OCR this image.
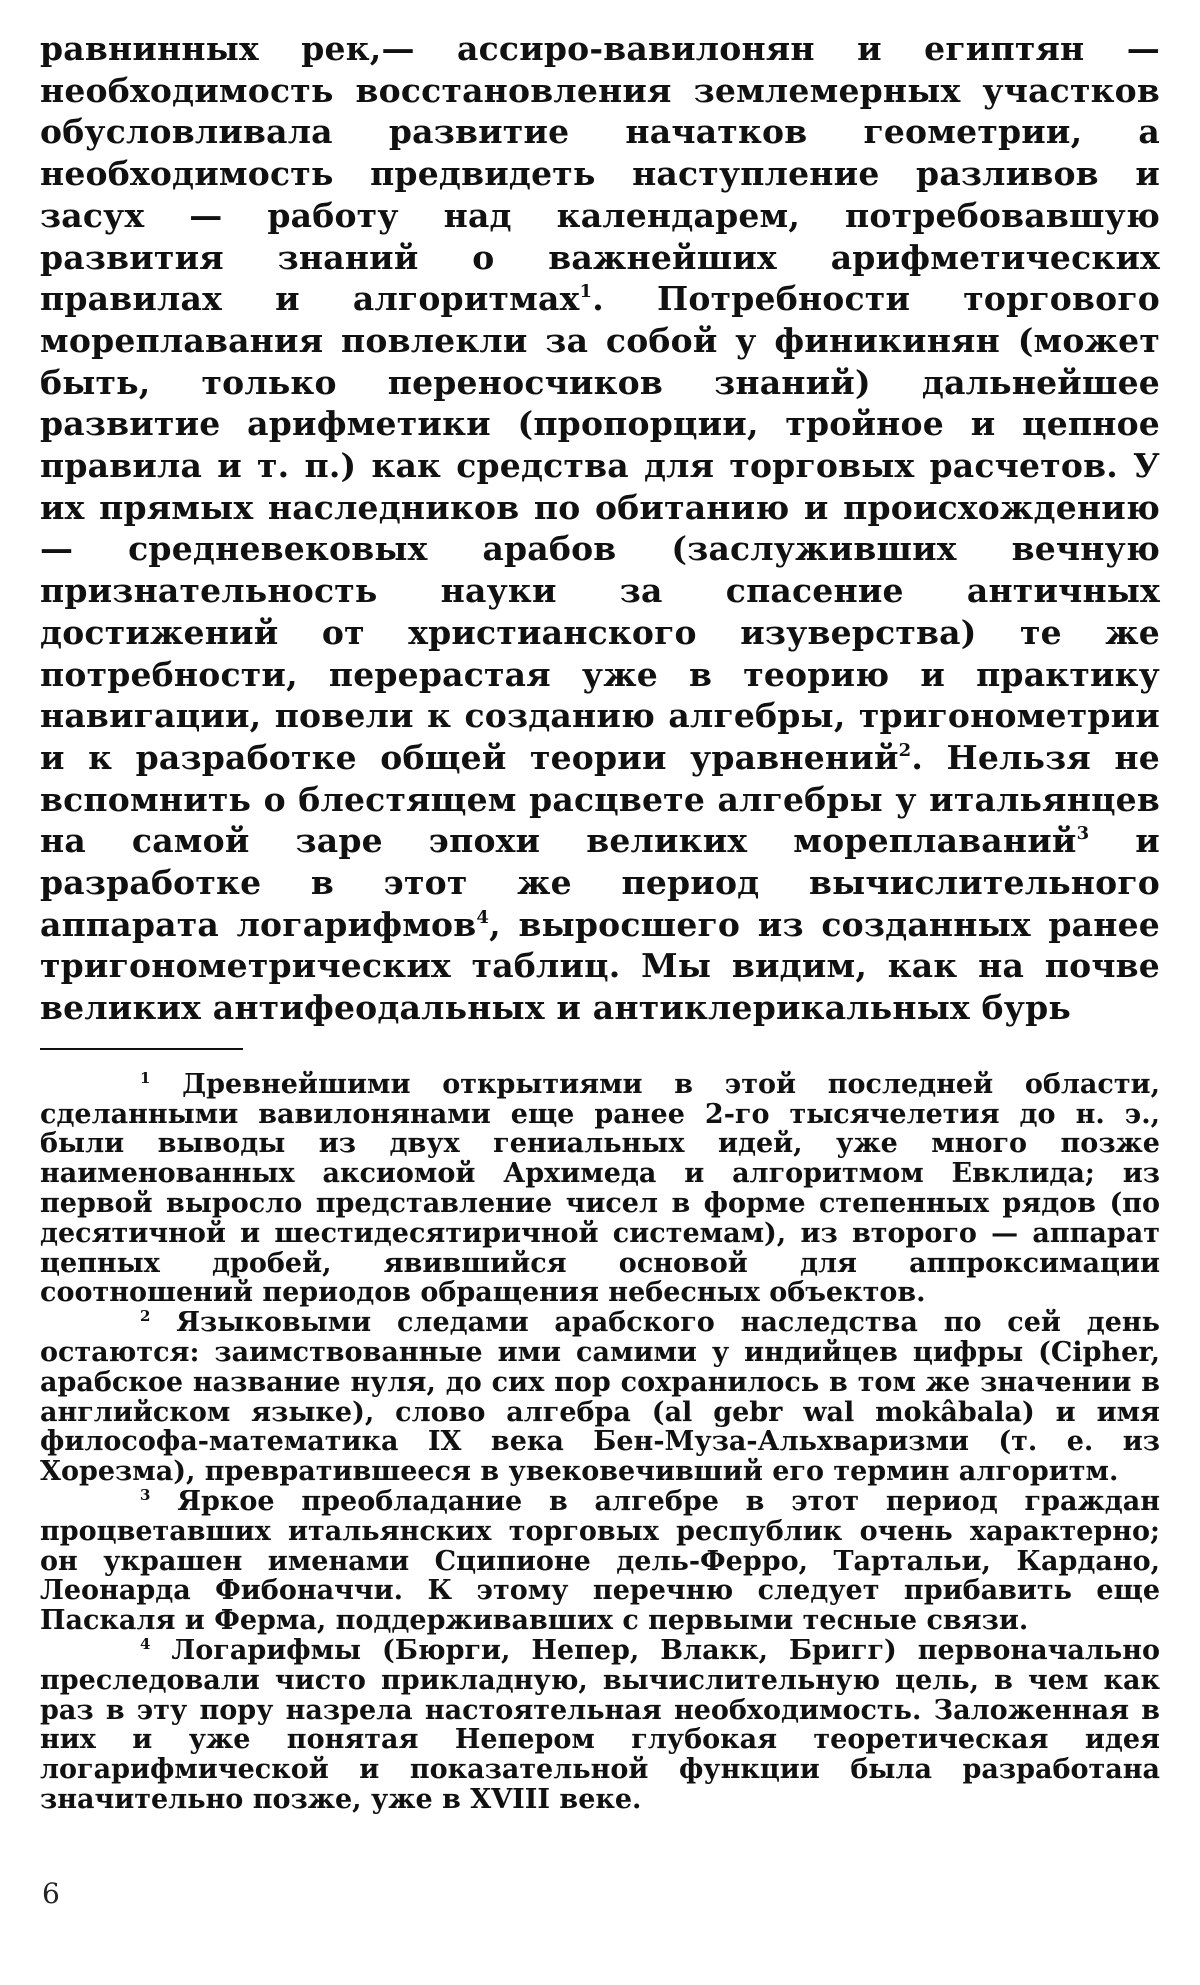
равнинных рек,— ассиро-вавилонян и египтян — необходимость восстановления землемерных участков обусловливала развитие начатков геометрии, а необходимость предвидеть наступление разливов и засух — работу над календарем, потребовавшую развития знаний о важнейших арифметических правилах и алгоритмах$^1$. Потребности торгового мореплавания повлекли за собой у финикинян (может быть, только переносчиков знаний) дальнейшее развитие арифметики (пропорции, тройное и цепное правила и т. п.) как средства для торговых расчетов. У их прямых наследников по обитанию и происхождению — средневековых арабов (заслуживших вечную признательность науки за спасение античных достижений от христианского изуверства) те же потребности, перерастая уже в теорию и практику навигации, повели к созданию алгебры, тригонометрии и к разработке общей теории уравнений$^2$. Нельзя не вспомнить о блестящем расцвете алгебры у итальянцев на самой заре эпохи великих мореплаваний$^3$ и разработке в этот же период вычислительного аппарата логарифмов$^4$, выросшего из созданных ранее тригонометрических таблиц. Мы видим, как на почве великих антифеодальных и антиклерикальных бурь

$^1$ Древнейшими открытиями в этой последней области, сделанными вавилонянами еще ранее 2-го тысячелетия до н. э., были выводы из двух гениальных идей, уже много позже наименованных аксиомой Архимеда и алгоритмом Евклида; из первой выросло представление чисел в форме степенных рядов (по десятичной и шестидесятиричной системам), из второго — аппарат цепных дробей, явившийся основой для аппроксимации соотношений периодов обращения небесных объектов.

$^2$ Языковыми следами арабского наследства по сей день остаются: заимствованные ими самими у индийцев цифры (Cipher, арабское название нуля, до сих пор сохранилось в том же значении в английском языке), слово алгебра (al gebr wal mokâbala) и имя философа-математика IX века Бен-Муза-Альхваризми (т. е. из Хорезма), превратившееся в увековечивший его термин алгоритм.

$^3$ Яркое преобладание в алгебре в этот период граждан процветавших итальянских торговых республик очень характерно; он украшен именами Сципионе дель-Ферро, Тартальи, Кардано, Леонарда Фибоначчи. К этому перечню следует прибавить еще Паскаля и Ферма, поддерживавших с первыми тесные связи.

$^4$ Логарифмы (Бюрги, Непер, Влакк, Бригг) первоначально преследовали чисто прикладную, вычислительную цель, в чем как раз в эту пору назрела настоятельная необходимость. Заложенная в них и уже понятая Непером глубокая теоретическая идея логарифмической и показательной функции была разработана значительно позже, уже в XVIII веке.

6
